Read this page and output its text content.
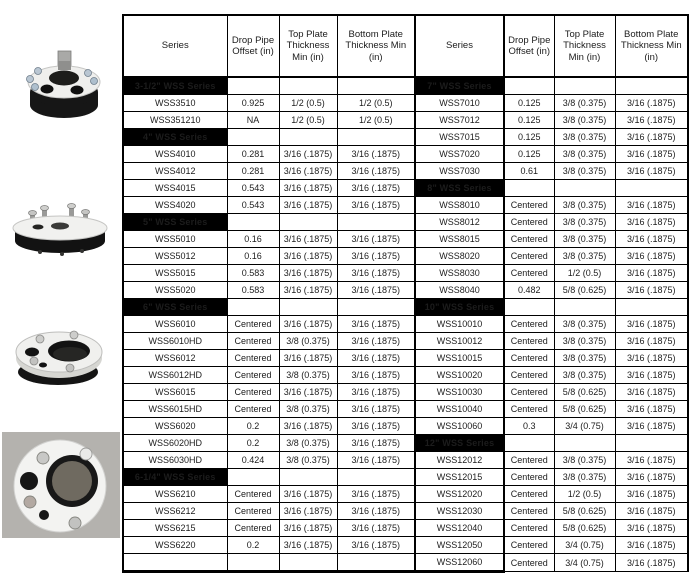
Series	Drop Pipe Offset (in)	Top Plate Thickness Min (in)	Bottom Plate Thickness Min (in)	Series	Drop Pipe Offset (in)	Top Plate Thickness Min (in)	Bottom Plate Thickness Min (in)
3-1/2" WSS Series				7" WSS Series			
WSS3510	0.925	1/2 (0.5)	1/2 (0.5)	WSS7010	0.125	3/8 (0.375)	3/16 (.1875)
WSS351210	NA	1/2 (0.5)	1/2 (0.5)	WSS7012	0.125	3/8 (0.375)	3/16 (.1875)
4" WSS Series				WSS7015	0.125	3/8 (0.375)	3/16 (.1875)
WSS4010	0.281	3/16 (.1875)	3/16 (.1875)	WSS7020	0.125	3/8 (0.375)	3/16 (.1875)
WSS4012	0.281	3/16 (.1875)	3/16 (.1875)	WSS7030	0.61	3/8 (0.375)	3/16 (.1875)
WSS4015	0.543	3/16 (.1875)	3/16 (.1875)	8" WSS Series			
WSS4020	0.543	3/16 (.1875)	3/16 (.1875)	WSS8010	Centered	3/8 (0.375)	3/16 (.1875)
5" WSS Series				WSS8012	Centered	3/8 (0.375)	3/16 (.1875)
WSS5010	0.16	3/16 (.1875)	3/16 (.1875)	WSS8015	Centered	3/8 (0.375)	3/16 (.1875)
WSS5012	0.16	3/16 (.1875)	3/16 (.1875)	WSS8020	Centered	3/8 (0.375)	3/16 (.1875)
WSS5015	0.583	3/16 (.1875)	3/16 (.1875)	WSS8030	Centered	1/2 (0.5)	3/16 (.1875)
WSS5020	0.583	3/16 (.1875)	3/16 (.1875)	WSS8040	0.482	5/8 (0.625)	3/16 (.1875)
6" WSS Series				10" WSS Series			
WSS6010	Centered	3/16 (.1875)	3/16 (.1875)	WSS10010	Centered	3/8 (0.375)	3/16 (.1875)
WSS6010HD	Centered	3/8 (0.375)	3/16 (.1875)	WSS10012	Centered	3/8 (0.375)	3/16 (.1875)
WSS6012	Centered	3/16 (.1875)	3/16 (.1875)	WSS10015	Centered	3/8 (0.375)	3/16 (.1875)
WSS6012HD	Centered	3/8 (0.375)	3/16 (.1875)	WSS10020	Centered	3/8 (0.375)	3/16 (.1875)
WSS6015	Centered	3/16 (.1875)	3/16 (.1875)	WSS10030	Centered	5/8 (0.625)	3/16 (.1875)
WSS6015HD	Centered	3/8 (0.375)	3/16 (.1875)	WSS10040	Centered	5/8 (0.625)	3/16 (.1875)
WSS6020	0.2	3/16 (.1875)	3/16 (.1875)	WSS10060	0.3	3/4 (0.75)	3/16 (.1875)
WSS6020HD	0.2	3/8 (0.375)	3/16 (.1875)	12" WSS Series			
WSS6030HD	0.424	3/8 (0.375)	3/16 (.1875)	WSS12012	Centered	3/8 (0.375)	3/16 (.1875)
6-1/4" WSS Series				WSS12015	Centered	3/8 (0.375)	3/16 (.1875)
WSS6210	Centered	3/16 (.1875)	3/16 (.1875)	WSS12020	Centered	1/2 (0.5)	3/16 (.1875)
WSS6212	Centered	3/16 (.1875)	3/16 (.1875)	WSS12030	Centered	5/8 (0.625)	3/16 (.1875)
WSS6215	Centered	3/16 (.1875)	3/16 (.1875)	WSS12040	Centered	5/8 (0.625)	3/16 (.1875)
WSS6220	0.2	3/16 (.1875)	3/16 (.1875)	WSS12050	Centered	3/4 (0.75)	3/16 (.1875)
				WSS12060	Centered	3/4 (0.75)	3/16 (.1875)
